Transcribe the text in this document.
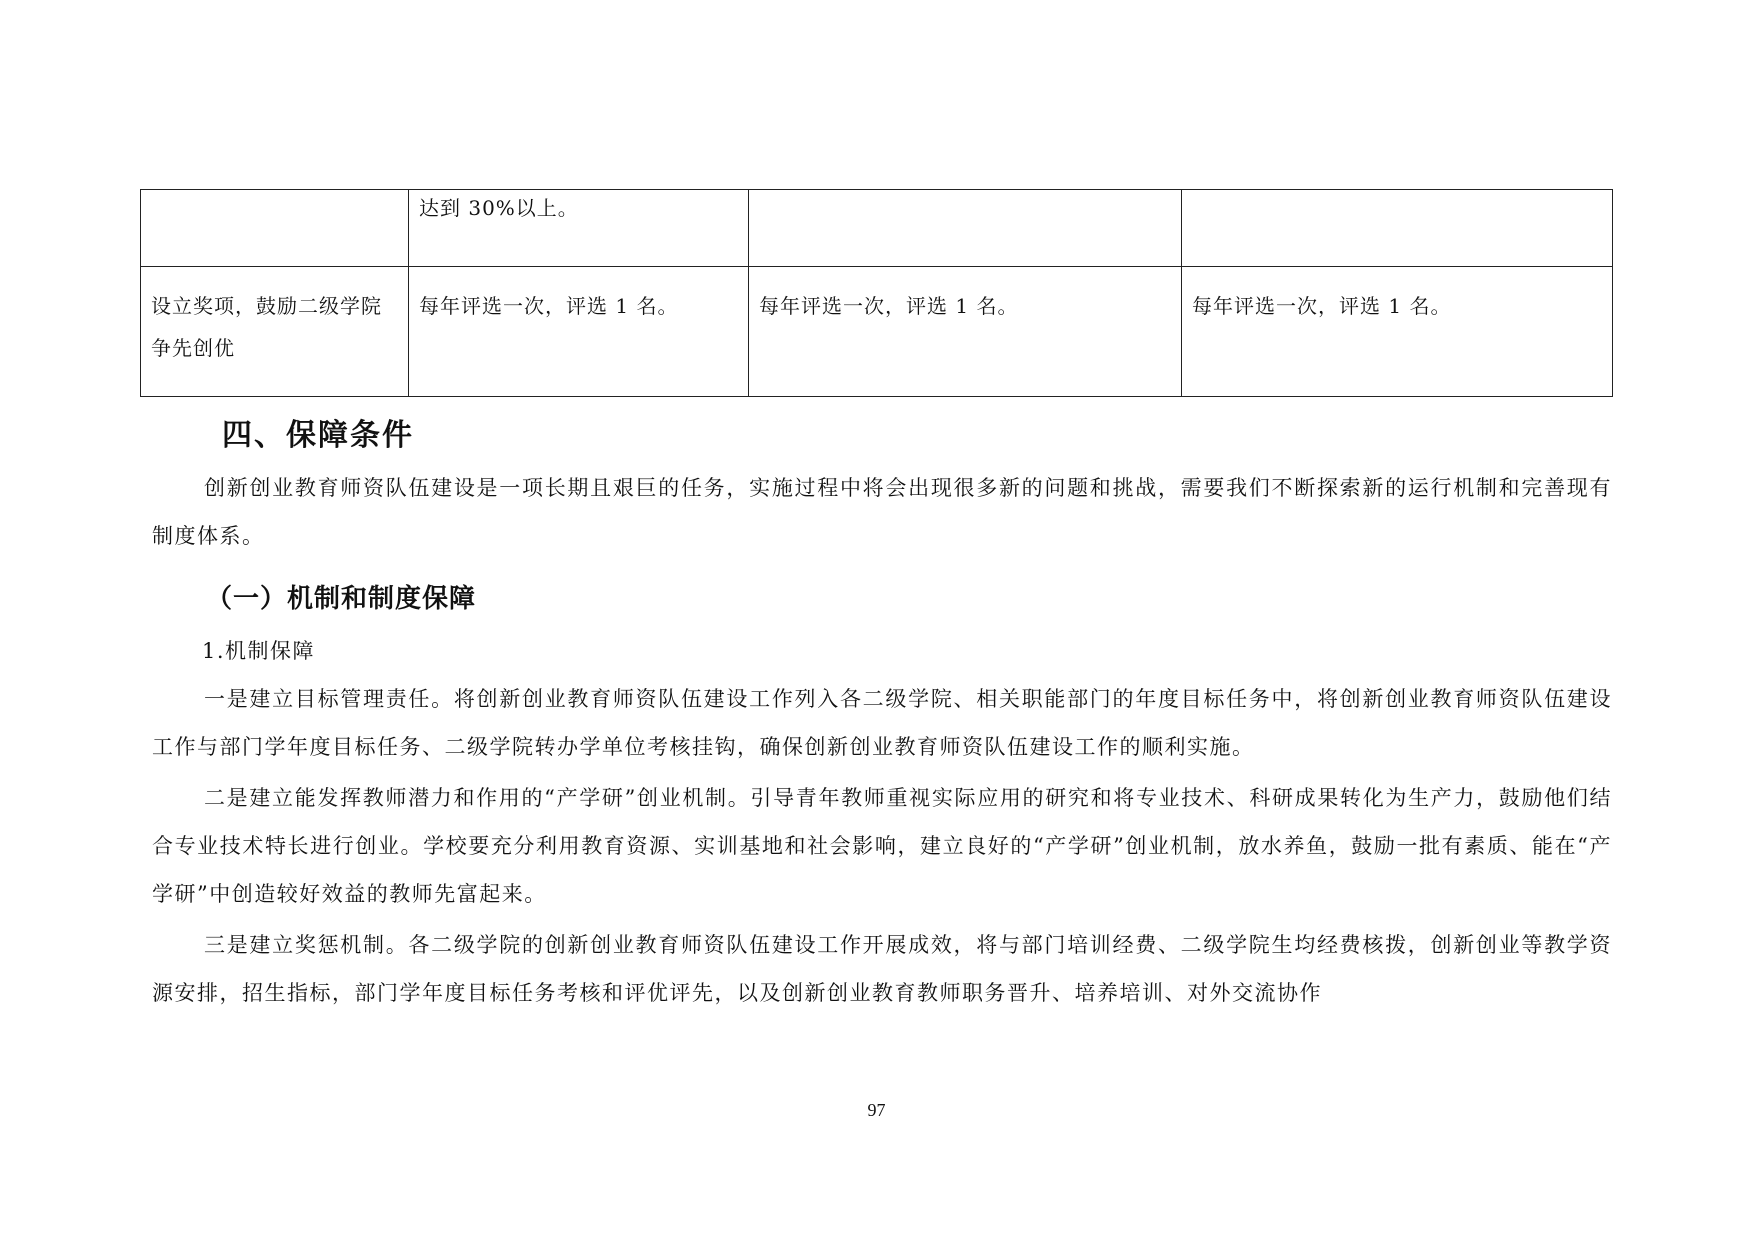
	达到 30%以上。		

设立奖项，鼓励二级学院争先创优	每年评选一次，评选 1 名。	每年评选一次，评选 1 名。	每年评选一次，评选 1 名。
四、保障条件

创新创业教育师资队伍建设是一项长期且艰巨的任务，实施过程中将会出现很多新的问题和挑战，需要我们不断探索新的运行机制和完善现有制度体系。

（一）机制和制度保障

1.机制保障

一是建立目标管理责任。将创新创业教育师资队伍建设工作列入各二级学院、相关职能部门的年度目标任务中，将创新创业教育师资队伍建设工作与部门学年度目标任务、二级学院转办学单位考核挂钩，确保创新创业教育师资队伍建设工作的顺利实施。

二是建立能发挥教师潜力和作用的“产学研”创业机制。引导青年教师重视实际应用的研究和将专业技术、科研成果转化为生产力，鼓励他们结合专业技术特长进行创业。学校要充分利用教育资源、实训基地和社会影响，建立良好的“产学研”创业机制，放水养鱼，鼓励一批有素质、能在“产学研”中创造较好效益的教师先富起来。

三是建立奖惩机制。各二级学院的创新创业教育师资队伍建设工作开展成效，将与部门培训经费、二级学院生均经费核拨，创新创业等教学资源安排，招生指标，部门学年度目标任务考核和评优评先，以及创新创业教育教师职务晋升、培养培训、对外交流协作

97
